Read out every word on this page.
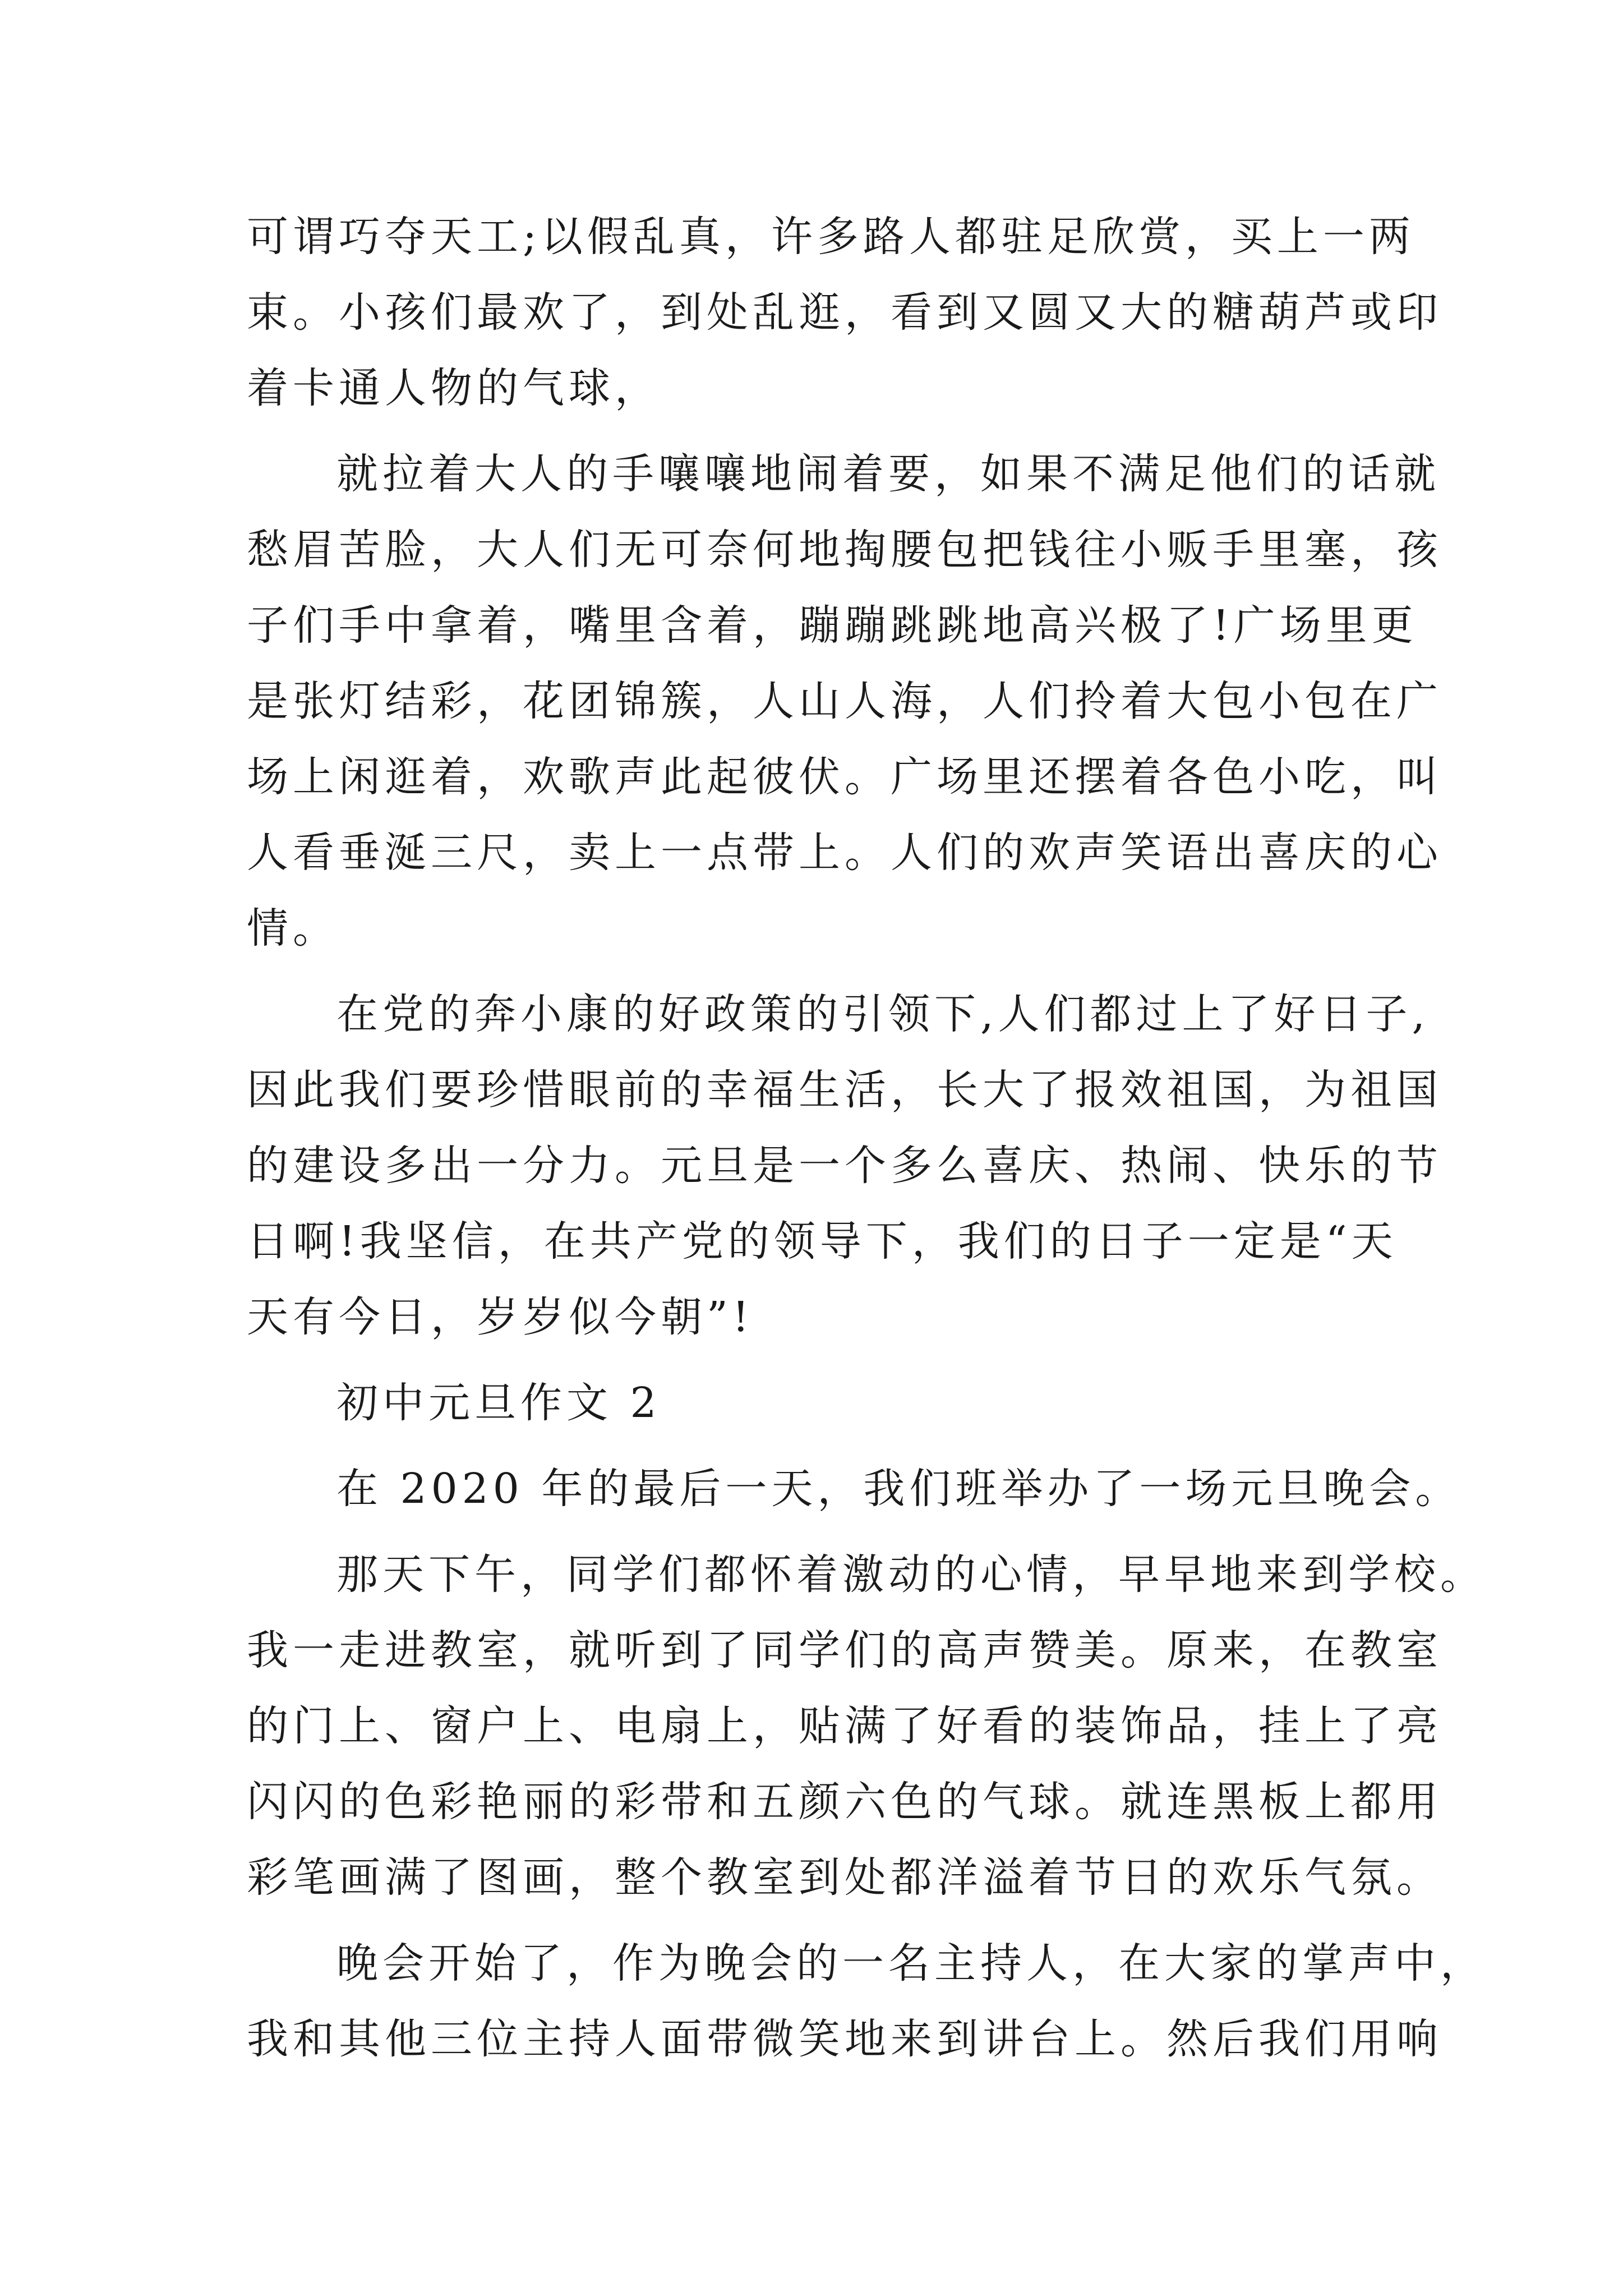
可谓巧夺天工;以假乱真，许多路人都驻足欣赏，买上一两
束。小孩们最欢了，到处乱逛，看到又圆又大的糖葫芦或印
着卡通人物的气球，
就拉着大人的手嚷嚷地闹着要，如果不满足他们的话就
愁眉苦脸，大人们无可奈何地掏腰包把钱往小贩手里塞，孩
子们手中拿着，嘴里含着，蹦蹦跳跳地高兴极了!广场里更
是张灯结彩，花团锦簇，人山人海，人们拎着大包小包在广
场上闲逛着，欢歌声此起彼伏。广场里还摆着各色小吃，叫
人看垂涎三尺，卖上一点带上。人们的欢声笑语出喜庆的心
情。
在党的奔小康的好政策的引领下,人们都过上了好日子,
因此我们要珍惜眼前的幸福生活，长大了报效祖国，为祖国
的建设多出一分力。元旦是一个多么喜庆、热闹、快乐的节
日啊!我坚信，在共产党的领导下，我们的日子一定是“天
天有今日，岁岁似今朝”!
初中元旦作文 2
在 2020 年的最后一天，我们班举办了一场元旦晚会。
那天下午，同学们都怀着激动的心情，早早地来到学校。
我一走进教室，就听到了同学们的高声赞美。原来，在教室
的门上、窗户上、电扇上，贴满了好看的装饰品，挂上了亮
闪闪的色彩艳丽的彩带和五颜六色的气球。就连黑板上都用
彩笔画满了图画，整个教室到处都洋溢着节日的欢乐气氛。
晚会开始了，作为晚会的一名主持人，在大家的掌声中，
我和其他三位主持人面带微笑地来到讲台上。然后我们用响
